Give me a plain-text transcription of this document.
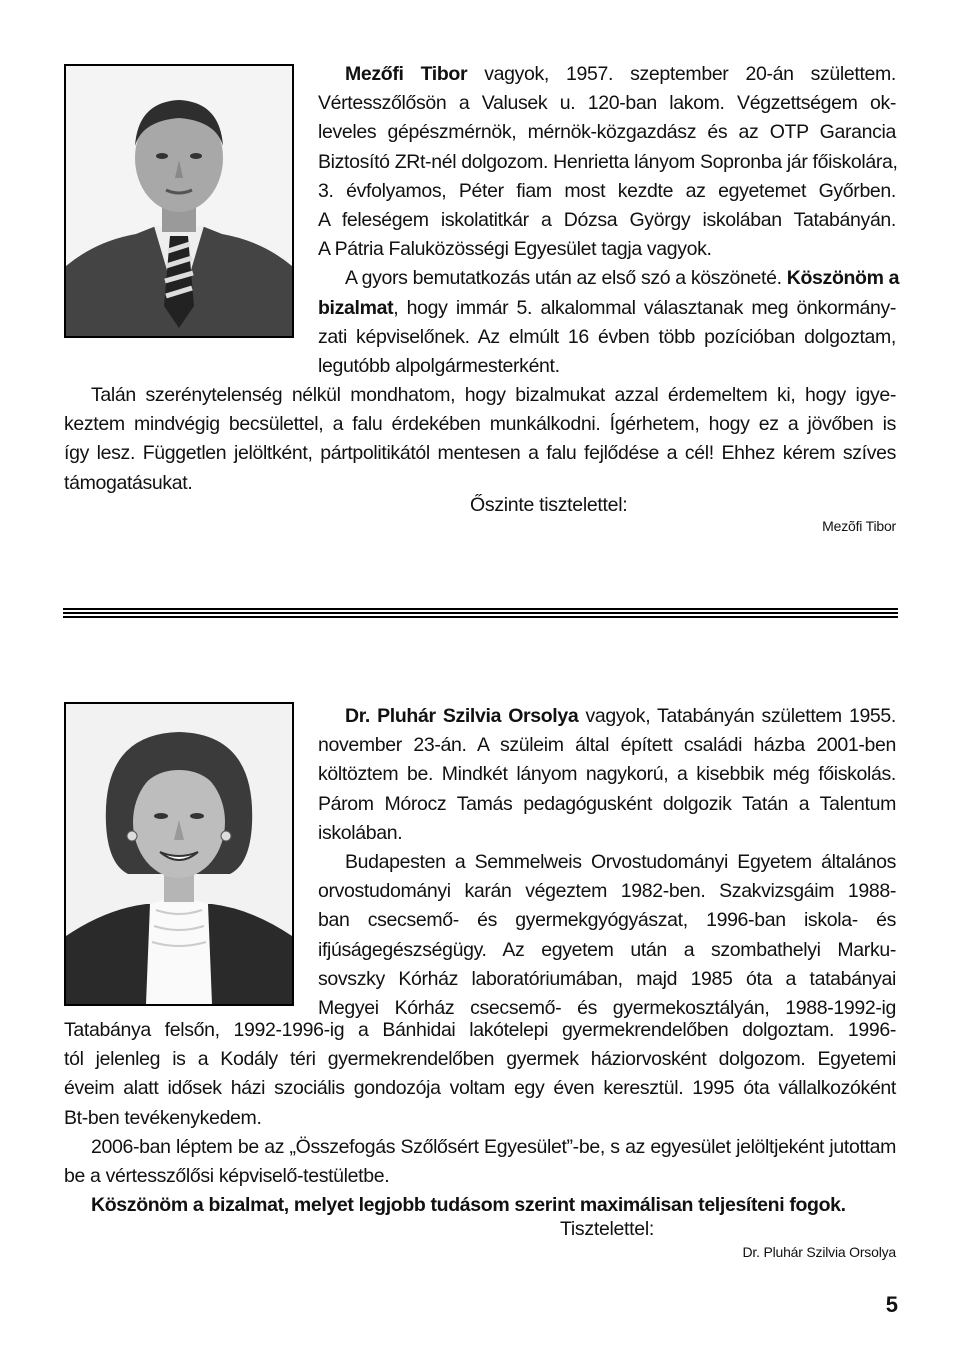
Mezőfi Tibor vagyok, 1957. szeptember 20-án születtem.
Vértesszőlősön a Valusek u. 120-ban lakom. Végzettségem ok-
leveles gépészmérnök, mérnök-közgazdász és az OTP Garancia
Biztosító ZRt-nél dolgozom. Henrietta lányom Sopronba jár főiskolára,
3. évfolyamos, Péter fiam most kezdte az egyetemet Győrben.
A feleségem iskolatitkár a Dózsa György iskolában Tatabányán.
A Pátria Faluközösségi Egyesület tagja vagyok.
A gyors bemutatkozás után az első szó a köszöneté. Köszönöm a
bizalmat, hogy immár 5. alkalommal választanak meg önkormány-
zati képviselőnek. Az elmúlt 16 évben több pozícióban dolgoztam,
legutóbb alpolgármesterként.
Talán szerénytelenség nélkül mondhatom, hogy bizalmukat azzal érdemeltem ki, hogy igye-
keztem mindvégig becsülettel, a falu érdekében munkálkodni. Ígérhetem, hogy ez a jövőben is
így lesz. Független jelöltként, pártpolitikától mentesen a falu fejlődése a cél! Ehhez kérem szíves
támogatásukat.
Őszinte tisztelettel:
Mezõfi Tibor
Dr. Pluhár Szilvia Orsolya vagyok, Tatabányán születtem 1955.
november 23-án. A szüleim által épített családi házba 2001-ben
költöztem be. Mindkét lányom nagykorú, a kisebbik még főiskolás.
Párom Mórocz Tamás pedagógusként dolgozik Tatán a Talentum
iskolában.
Budapesten a Semmelweis Orvostudományi Egyetem általános
orvostudományi karán végeztem 1982-ben. Szakvizsgáim 1988-
ban csecsemő- és gyermekgyógyászat, 1996-ban iskola- és
ifjúságegészségügy. Az egyetem után a szombathelyi Marku-
sovszky Kórház laboratóriumában, majd 1985 óta a tatabányai
Megyei Kórház csecsemő- és gyermekosztályán, 1988-1992-ig
Tatabánya felsőn, 1992-1996-ig a Bánhidai lakótelepi gyermekrendelőben dolgoztam. 1996-
tól jelenleg is a Kodály téri gyermekrendelőben gyermek háziorvosként dolgozom. Egyetemi
éveim alatt idősek házi szociális gondozója voltam egy éven keresztül. 1995 óta vállalkozóként
Bt-ben tevékenykedem.
2006-ban léptem be az „Összefogás Szőlősért Egyesület”-be, s az egyesület jelöltjeként jutottam
be a vértesszőlősi képviselő-testületbe.
Köszönöm a bizalmat, melyet legjobb tudásom szerint maximálisan teljesíteni fogok.
Tisztelettel:
Dr. Pluhár Szilvia Orsolya
5
